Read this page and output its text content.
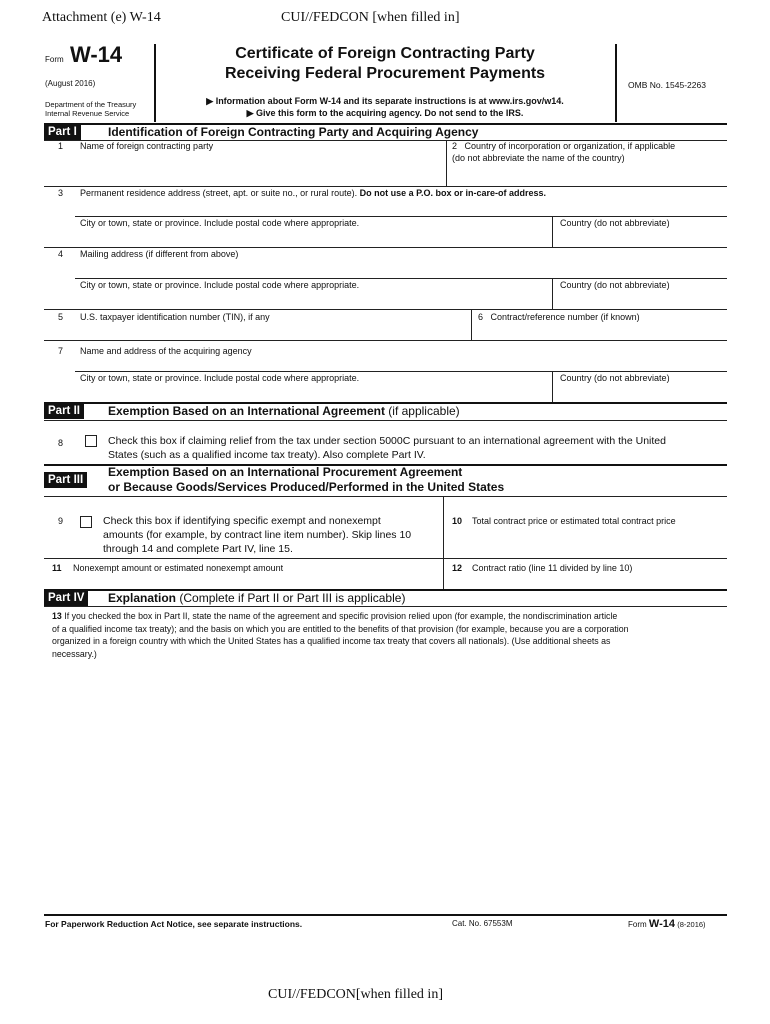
Attachment (e) W-14	CUI//FEDCON [when filled in]
Form W-14
(August 2016)
Department of the Treasury
Internal Revenue Service
Certificate of Foreign Contracting Party
Receiving Federal Procurement Payments
▶ Information about Form W-14 and its separate instructions is at www.irs.gov/w14.
▶ Give this form to the acquiring agency. Do not send to the IRS.
OMB No. 1545-2263
Part I	Identification of Foreign Contracting Party and Acquiring Agency
1 Name of foreign contracting party	2 Country of incorporation or organization, if applicable
(do not abbreviate the name of the country)
3 Permanent residence address (street, apt. or suite no., or rural route). Do not use a P.O. box or in-care-of address.
City or town, state or province. Include postal code where appropriate.	Country (do not abbreviate)
4 Mailing address (if different from above)
City or town, state or province. Include postal code where appropriate.	Country (do not abbreviate)
5 U.S. taxpayer identification number (TIN), if any	6 Contract/reference number (if known)
7 Name and address of the acquiring agency
City or town, state or province. Include postal code where appropriate.	Country (do not abbreviate)
Part II	Exemption Based on an International Agreement (if applicable)
8	Check this box if claiming relief from the tax under section 5000C pursuant to an international agreement with the United
States (such as a qualified income tax treaty). Also complete Part IV.
Part III
Exemption Based on an International Procurement Agreement
or Because Goods/Services Produced/Performed in the United States
9	Check this box if identifying specific exempt and nonexempt
amounts (for example, by contract line item number). Skip lines 10
through 14 and complete Part IV, line 15.
10 Total contract price or estimated total contract price
11 Nonexempt amount or estimated nonexempt amount	12 Contract ratio (line 11 divided by line 10)
Part IV	Explanation (Complete if Part II or Part III is applicable)
13 If you checked the box in Part II, state the name of the agreement and specific provision relied upon (for example, the nondiscrimination article
of a qualified income tax treaty); and the basis on which you are entitled to the benefits of that provision (for example, because you are a corporation
organized in a foreign country with which the United States has a qualified income tax treaty that covers all nationals). (Use additional sheets as
necessary.)
For Paperwork Reduction Act Notice, see separate instructions.	Cat. No. 67553M	Form W-14 (8-2016)
CUI//FEDCON[when filled in]
